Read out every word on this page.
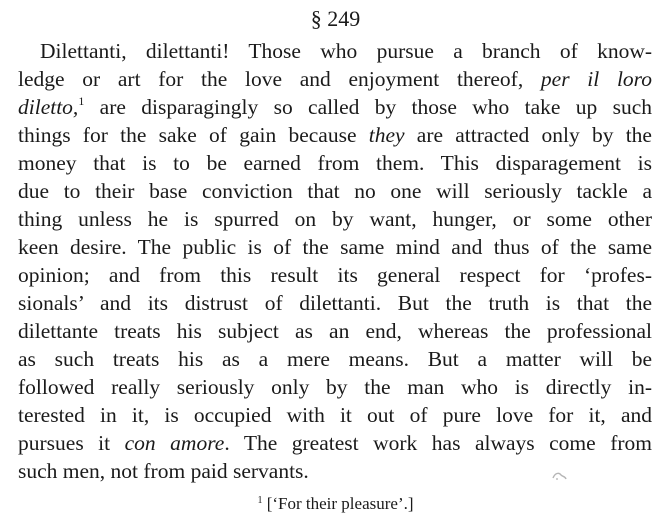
§ 249
Dilettanti, dilettanti! Those who pursue a branch of know-
ledge or art for the love and enjoyment thereof, per il loro
diletto,$^1$ are disparagingly so called by those who take up such
things for the sake of gain because they are attracted only by the
money that is to be earned from them. This disparagement is
due to their base conviction that no one will seriously tackle a
thing unless he is spurred on by want, hunger, or some other
keen desire. The public is of the same mind and thus of the same
opinion; and from this result its general respect for ‘profes-
sionals’ and its distrust of dilettanti. But the truth is that the
dilettante treats his subject as an end, whereas the professional
as such treats his as a mere means. But a matter will be
followed really seriously only by the man who is directly in-
terested in it, is occupied with it out of pure love for it, and
pursues it con amore. The greatest work has always come from
such men, not from paid servants.
$^1$ [‘For their pleasure’.]
